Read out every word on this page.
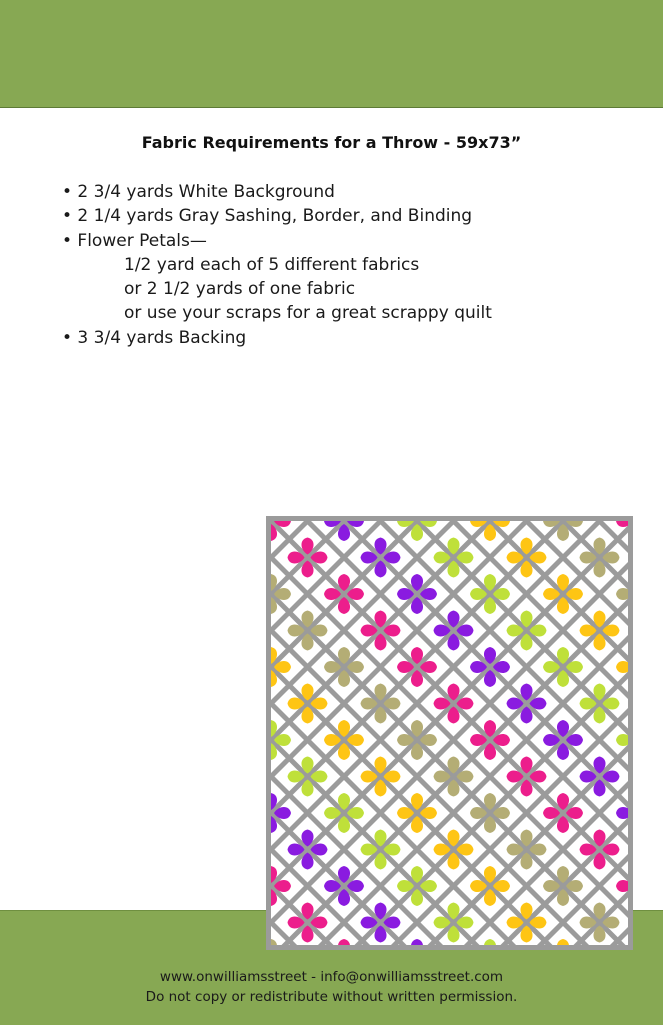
Fabric Requirements for a Throw - 59x73”
• 2 3/4 yards White Background
• 2 1/4 yards Gray Sashing, Border, and Binding
• Flower Petals—
1/2 yard each of 5 different fabrics
or 2 1/2 yards of one fabric
or use your scraps for a great scrappy quilt
• 3 3/4 yards Backing
www.onwilliamsstreet - info@onwilliamsstreet.com
Do not copy or redistribute without written permission.
